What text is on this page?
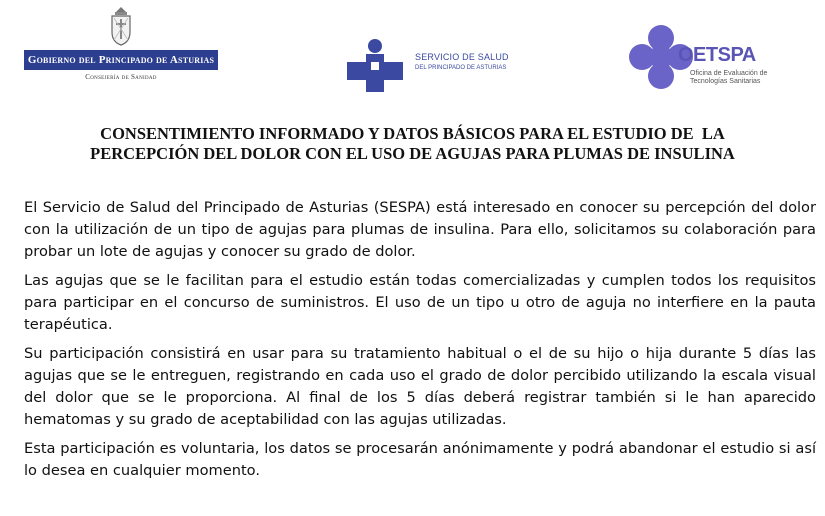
Gobierno del Principado de Asturias
Consejería de Sanidad
SERVICIO DE SALUD
DEL PRINCIPADO DE ASTURIAS
OETSPA
Oficina de Evaluación de
Tecnologías Sanitarias
CONSENTIMIENTO INFORMADO Y DATOS BÁSICOS PARA EL ESTUDIO DE  LA
PERCEPCIÓN DEL DOLOR CON EL USO DE AGUJAS PARA PLUMAS DE INSULINA

El Servicio de Salud del Principado de Asturias (SESPA) está interesado en conocer su percepción del dolor con la utilización de un tipo de agujas para plumas de insulina. Para ello, solicitamos su colaboración para probar un lote de agujas y conocer su grado de dolor.

Las agujas que se le facilitan para el estudio están todas comercializadas y cumplen todos los requisitos para participar en el concurso de suministros. El uso de un tipo u otro de aguja no interfiere en la pauta terapéutica.

Su participación consistirá en usar para su tratamiento habitual o el de su hijo o hija durante 5 días las agujas que se le entreguen, registrando en cada uso el grado de dolor percibido utilizando la escala visual del dolor que se le proporciona. Al final de los 5 días deberá registrar también si le han aparecido hematomas y su grado de aceptabilidad con las agujas utilizadas.

Esta participación es voluntaria, los datos se procesarán anónimamente y podrá abandonar el estudio si así lo desea en cualquier momento.
